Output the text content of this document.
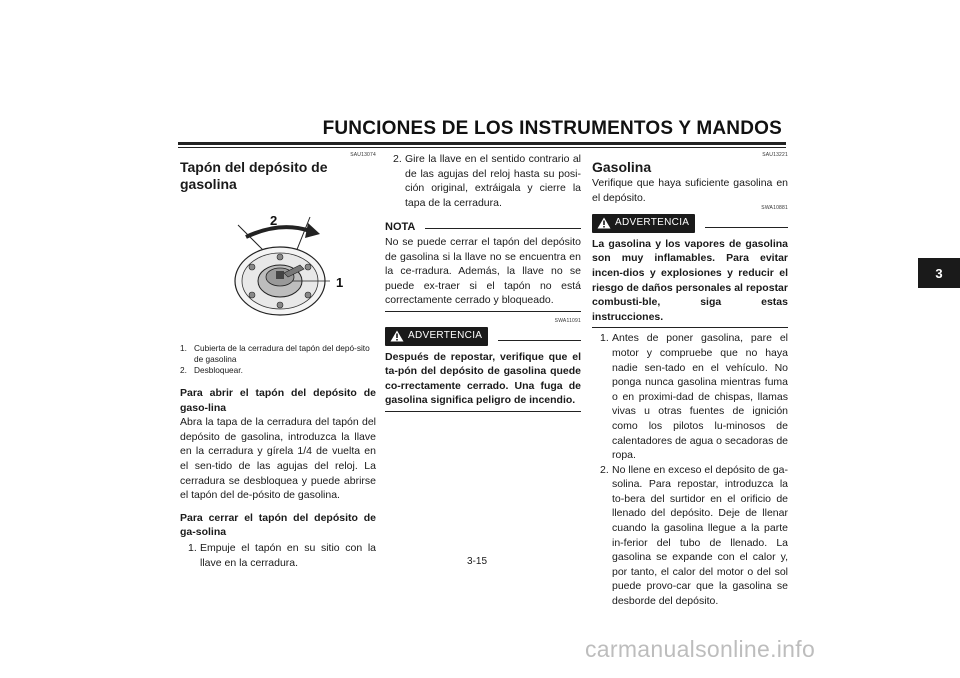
FUNCIONES DE LOS INSTRUMENTOS Y MANDOS
3
SAU13074
Tapón del depósito de gasolina
2
1
1. Cubierta de la cerradura del tapón del depó-sito de gasolina
2. Desbloquear.

Para abrir el tapón del depósito de gaso-lina

Abra la tapa de la cerradura del tapón del depósito de gasolina, introduzca la llave en la cerradura y gírela 1/4 de vuelta en el sen-tido de las agujas del reloj. La cerradura se desbloquea y puede abrirse el tapón del de-pósito de gasolina.

Para cerrar el tapón del depósito de ga-solina

1. Empuje el tapón en su sitio con la llave en la cerradura.
2. Gire la llave en el sentido contrario al de las agujas del reloj hasta su posi-ción original, extráigala y cierre la tapa de la cerradura.
NOTA

No se puede cerrar el tapón del depósito de gasolina si la llave no se encuentra en la ce-rradura. Además, la llave no se puede ex-traer si el tapón no está correctamente cerrado y bloqueado.

SWA11091
ADVERTENCIA

Después de repostar, verifique que el ta-pón del depósito de gasolina quede co-rrectamente cerrado. Una fuga de gasolina significa peligro de incendio.

SAU13221
Gasolina

Verifique que haya suficiente gasolina en el depósito.

SWA10881
ADVERTENCIA

La gasolina y los vapores de gasolina son muy inflamables. Para evitar incen-dios y explosiones y reducir el riesgo de daños personales al repostar combusti-ble, siga estas instrucciones.

1. Antes de poner gasolina, pare el motor y compruebe que no haya nadie sen-tado en el vehículo. No ponga nunca gasolina mientras fuma o en proximi-dad de chispas, llamas vivas u otras fuentes de ignición como los pilotos lu-minosos de calentadores de agua o secadoras de ropa.
2. No llene en exceso el depósito de ga-solina. Para repostar, introduzca la to-bera del surtidor en el orificio de llenado del depósito. Deje de llenar cuando la gasolina llegue a la parte in-ferior del tubo de llenado. La gasolina se expande con el calor y, por tanto, el calor del motor o del sol puede provo-car que la gasolina se desborde del depósito.
3-15
carmanualsonline.info
